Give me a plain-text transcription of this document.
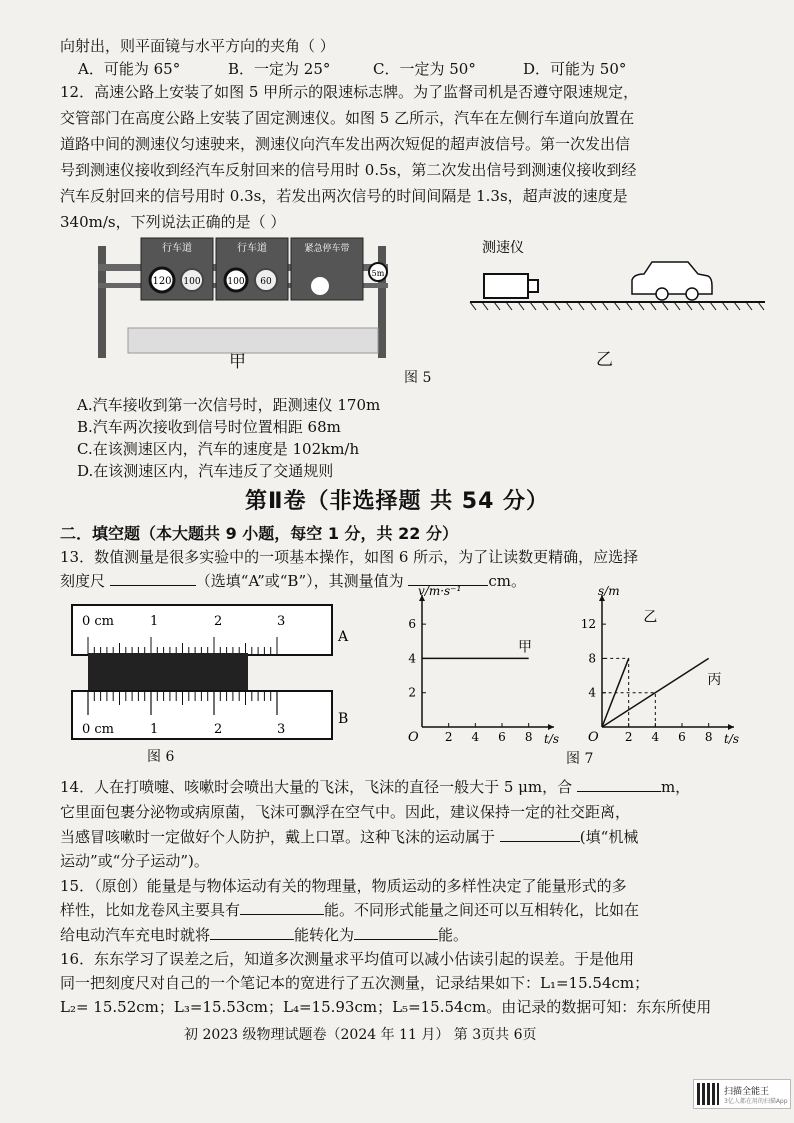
向射出，则平面镜与水平方向的夹角（ ）
A．可能为 65°	B．一定为 25°	C．一定为 50°	D．可能为 50°
12．高速公路上安装了如图 5 甲所示的限速标志牌。为了监督司机是否遵守限速规定，
交管部门在高度公路上安装了固定测速仪。如图 5 乙所示，汽车在左侧行车道向放置在
道路中间的测速仪匀速驶来，测速仪向汽车发出两次短促的超声波信号。第一次发出信
号到测速仪接收到经汽车反射回来的信号用时 0.5s，第二次发出信号到测速仪接收到经
汽车反射回来的信号用时 0.3s，若发出两次信号的时间间隔是 1.3s，超声波的速度是
340m/s，下列说法正确的是（ ）
行车道
120 100
行车道
100 60
紧急停车带
5m
甲
测速仪
乙
图 5
A.汽车接收到第一次信号时，距测速仪 170m
B.汽车两次接收到信号时位置相距 68m
C.在该测速区内，汽车的速度是 102km/h
D.在该测速区内，汽车违反了交通规则
第Ⅱ卷（非选择题 共 54 分）
二．填空题（本大题共 9 小题，每空 1 分，共 22 分）
13．数值测量是很多实验中的一项基本操作，如图 6 所示，为了让读数更精确，应选择
刻度尺	（选填“A”或“B”），其测量值为	cm。
0 cm	2	3
1
A
0 cm	1	2	3
B
图 6
O	t/s
v/m·s⁻¹
2 4 6 8
2
4
6
甲
O	t/s
s/m
2 4 6 8
4
8
12	乙
丙
图 7
14．人在打喷嚏、咳嗽时会喷出大量的飞沫，飞沫的直径一般大于 5 μm，合	m，
它里面包裹分泌物或病原菌，飞沫可飘浮在空气中。因此，建议保持一定的社交距离，
当感冒咳嗽时一定做好个人防护，戴上口罩。这种飞沫的运动属于	(填“机械
运动”或“分子运动”)。
15．（原创）能量是与物体运动有关的物理量，物质运动的多样性决定了能量形式的多
样性，比如龙卷风主要具有	能。不同形式能量之间还可以互相转化，比如在
给电动汽车充电时就将	能转化为	能。
16．东东学习了误差之后，知道多次测量求平均值可以减小估读引起的误差。于是他用
同一把刻度尺对自己的一个笔记本的宽进行了五次测量，记录结果如下：L₁=15.54cm；
L₂= 15.52cm；L₃=15.53cm；L₄=15.93cm；L₅=15.54cm。由记录的数据可知：东东所使用
初 2023 级物理试题卷（2024 年 11 月） 第 3页共 6页
扫描全能王
3亿人都在用的扫描App
